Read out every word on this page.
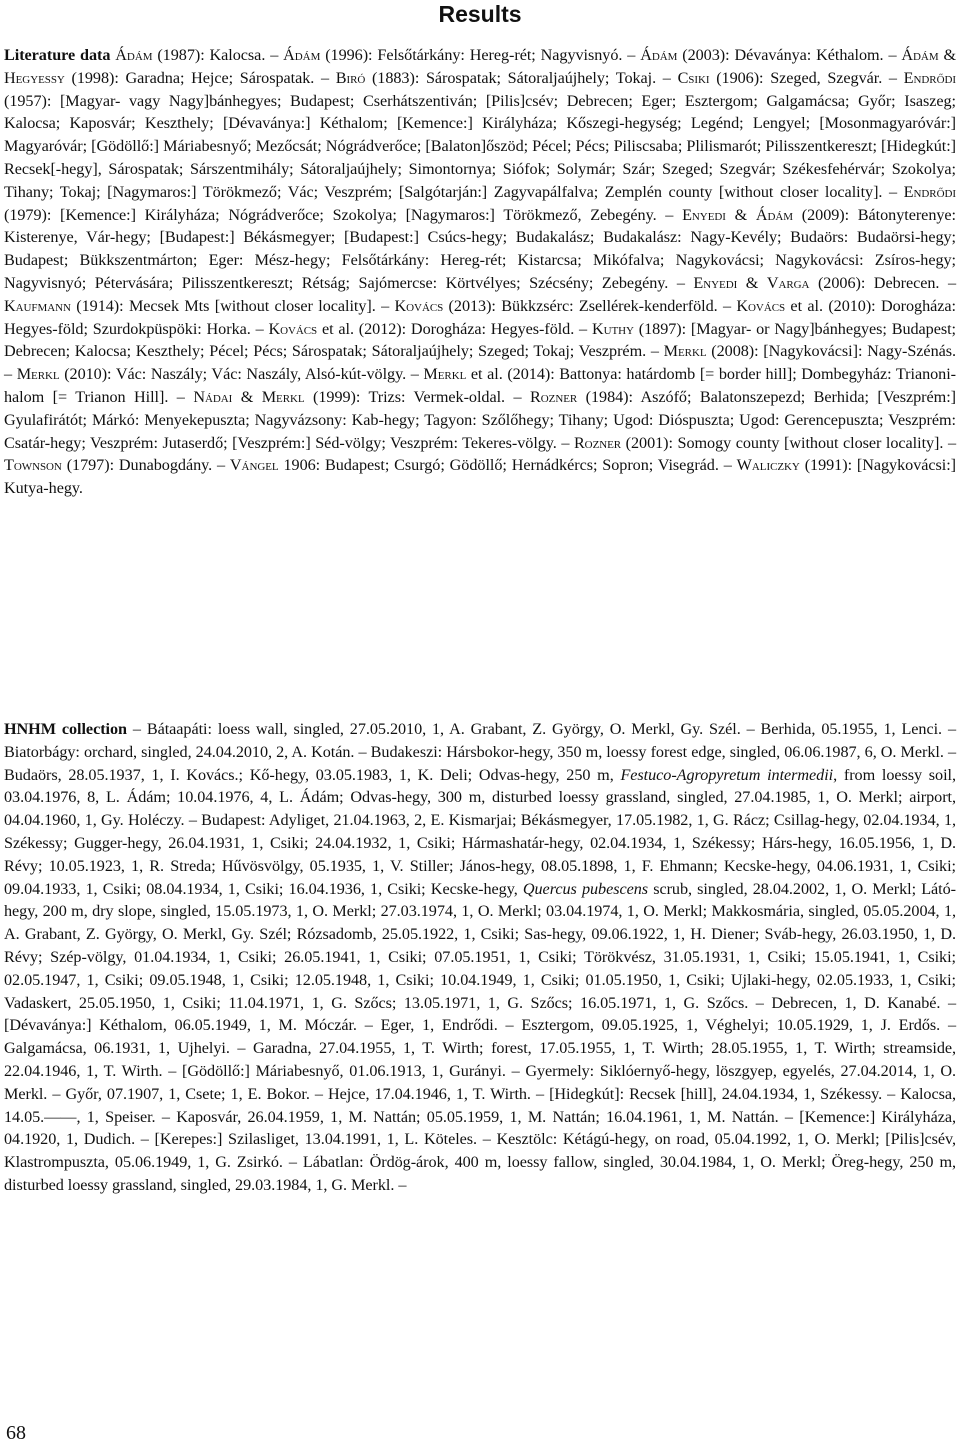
Results

Literature data Ádám (1987): Kalocsa. – Ádám (1996): Felsőtárkány: Hereg-rét; Nagyvisnyó. – Ádám (2003): Dévaványa: Kéthalom. – Ádám & Hegyessy (1998): Garadna; Hejce; Sárospatak. – Biró (1883): Sárospatak; Sátoraljaújhely; Tokaj. – Csiki (1906): Szeged, Szegvár. – Endrődi (1957): [Magyar- vagy Nagy]bánhegyes; Budapest; Cserhátszentiván; [Pilis]csév; Debrecen; Eger; Esztergom; Galgamácsa; Győr; Isaszeg; Kalocsa; Kaposvár; Keszthely; [Dévaványa:] Kéthalom; [Kemence:] Királyháza; Kőszegi-hegység; Legénd; Lengyel; [Mosonmagyaróvár:] Magyaróvár; [Gödöllő:] Máriabesnyő; Mezőcsát; Nógrádverőce; [Balaton]őszöd; Pécel; Pécs; Piliscsaba; Plilismarót; Pilisszentkereszt; [Hidegkút:] Recsek[-hegy], Sárospatak; Sárszentmihály; Sátoraljaújhely; Simontornya; Siófok; Solymár; Szár; Szeged; Szegvár; Székesfehérvár; Szokolya; Tihany; Tokaj; [Nagymaros:] Törökmező; Vác; Veszprém; [Salgótarján:] Zagyvapálfalva; Zemplén county [without closer locality]. – Endrődi (1979): [Kemence:] Királyháza; Nógrádverőce; Szokolya; [Nagymaros:] Törökmező, Zebegény. – Enyedi & Ádám (2009): Bátonyterenye: Kisterenye, Vár-hegy; [Budapest:] Békásmegyer; [Budapest:] Csúcs-hegy; Budakalász; Budakalász: Nagy-Kevély; Budaörs: Budaörsi-hegy; Budapest; Bükkszentmárton; Eger: Mész-hegy; Felsőtárkány: Hereg-rét; Kistarcsa; Mikófalva; Nagykovácsi; Nagykovácsi: Zsíros-hegy; Nagyvisnyó; Pétervására; Pilisszentkereszt; Rétság; Sajómercse: Körtvélyes; Szécsény; Zebegény. – Enyedi & Varga (2006): Debrecen. – Kaufmann (1914): Mecsek Mts [without closer locality]. – Kovács (2013): Bükkzsérc: Zsellérek-kenderföld. – Kovács et al. (2010): Dorogháza: Hegyes-föld; Szurdokpüspöki: Horka. – Kovács et al. (2012): Dorogháza: Hegyes-föld. – Kuthy (1897): [Magyar- or Nagy]bánhegyes; Budapest; Debrecen; Kalocsa; Keszthely; Pécel; Pécs; Sárospatak; Sátoraljaújhely; Szeged; Tokaj; Veszprém. – Merkl (2008): [Nagykovácsi]: Nagy-Szénás. – Merkl (2010): Vác: Naszály; Vác: Naszály, Alsó-kút-völgy. – Merkl et al. (2014): Battonya: határdomb [= border hill]; Dombegyház: Trianoni-halom [= Trianon Hill]. – Nádai & Merkl (1999): Trizs: Vermek-oldal. – Rozner (1984): Aszófő; Balatonszepezd; Berhida; [Veszprém:] Gyulafirátót; Márkó: Menyekepuszta; Nagyvázsony: Kab-hegy; Tagyon: Szőlőhegy; Tihany; Ugod: Dióspuszta; Ugod: Gerencepuszta; Veszprém: Csatár-hegy; Veszprém: Jutaserdő; [Veszprém:] Séd-völgy; Veszprém: Tekeres-völgy. – Rozner (2001): Somogy county [without closer locality]. – Townson (1797): Dunabogdány. – Vángel 1906: Budapest; Csurgó; Gödöllő; Hernádkércs; Sopron; Visegrád. – Waliczky (1991): [Nagykovácsi:] Kutya-hegy.

HNHM collection – Bátaapáti: loess wall, singled, 27.05.2010, 1, A. Grabant, Z. György, O. Merkl, Gy. Szél. – Berhida, 05.1955, 1, Lenci. – Biatorbágy: orchard, singled, 24.04.2010, 2, A. Kotán. – Budakeszi: Hársbokor-hegy, 350 m, loessy forest edge, singled, 06.06.1987, 6, O. Merkl. – Budaörs, 28.05.1937, 1, I. Kovács.; Kő-hegy, 03.05.1983, 1, K. Deli; Odvas-hegy, 250 m, Festuco-Agropyretum intermedii, from loessy soil, 03.04.1976, 8, L. Ádám; 10.04.1976, 4, L. Ádám; Odvas-hegy, 300 m, disturbed loessy grassland, singled, 27.04.1985, 1, O. Merkl; airport, 04.04.1960, 1, Gy. Holéczy. – Budapest: Adyliget, 21.04.1963, 2, E. Kismarjai; Békásmegyer, 17.05.1982, 1, G. Rácz; Csillag-hegy, 02.04.1934, 1, Székessy; Gugger-hegy, 26.04.1931, 1, Csiki; 24.04.1932, 1, Csiki; Hármashatár-hegy, 02.04.1934, 1, Székessy; Hárs-hegy, 16.05.1956, 1, D. Révy; 10.05.1923, 1, R. Streda; Hűvösvölgy, 05.1935, 1, V. Stiller; János-hegy, 08.05.1898, 1, F. Ehmann; Kecske-hegy, 04.06.1931, 1, Csiki; 09.04.1933, 1, Csiki; 08.04.1934, 1, Csiki; 16.04.1936, 1, Csiki; Kecske-hegy, Quercus pubescens scrub, singled, 28.04.2002, 1, O. Merkl; Látó-hegy, 200 m, dry slope, singled, 15.05.1973, 1, O. Merkl; 27.03.1974, 1, O. Merkl; 03.04.1974, 1, O. Merkl; Makkosmária, singled, 05.05.2004, 1, A. Grabant, Z. György, O. Merkl, Gy. Szél; Rózsadomb, 25.05.1922, 1, Csiki; Sas-hegy, 09.06.1922, 1, H. Diener; Sváb-hegy, 26.03.1950, 1, D. Révy; Szép-völgy, 01.04.1934, 1, Csiki; 26.05.1941, 1, Csiki; 07.05.1951, 1, Csiki; Törökvész, 31.05.1931, 1, Csiki; 15.05.1941, 1, Csiki; 02.05.1947, 1, Csiki; 09.05.1948, 1, Csiki; 12.05.1948, 1, Csiki; 10.04.1949, 1, Csiki; 01.05.1950, 1, Csiki; Ujlaki-hegy, 02.05.1933, 1, Csiki; Vadaskert, 25.05.1950, 1, Csiki; 11.04.1971, 1, G. Szőcs; 13.05.1971, 1, G. Szőcs; 16.05.1971, 1, G. Szőcs. – Debrecen, 1, D. Kanabé. – [Dévaványa:] Kéthalom, 06.05.1949, 1, M. Móczár. – Eger, 1, Endrődi. – Esztergom, 09.05.1925, 1, Véghelyi; 10.05.1929, 1, J. Erdős. – Galgamácsa, 06.1931, 1, Ujhelyi. – Garadna, 27.04.1955, 1, T. Wirth; forest, 17.05.1955, 1, T. Wirth; 28.05.1955, 1, T. Wirth; streamside, 22.04.1946, 1, T. Wirth. – [Gödöllő:] Máriabesnyő, 01.06.1913, 1, Gurányi. – Gyermely: Siklóernyő-hegy, löszgyep, egyelés, 27.04.2014, 1, O. Merkl. – Győr, 07.1907, 1, Csete; 1, E. Bokor. – Hejce, 17.04.1946, 1, T. Wirth. – [Hidegkút]: Recsek [hill], 24.04.1934, 1, Székessy. – Kalocsa, 14.05.——, 1, Speiser. – Kaposvár, 26.04.1959, 1, M. Nattán; 05.05.1959, 1, M. Nattán; 16.04.1961, 1, M. Nattán. – [Kemence:] Királyháza, 04.1920, 1, Dudich. – [Kerepes:] Szilasliget, 13.04.1991, 1, L. Köteles. – Kesztölc: Kétágú-hegy, on road, 05.04.1992, 1, O. Merkl; [Pilis]csév, Klastrompuszta, 05.06.1949, 1, G. Zsirkó. – Lábatlan: Ördög-árok, 400 m, loessy fallow, singled, 30.04.1984, 1, O. Merkl; Öreg-hegy, 250 m, disturbed loessy grassland, singled, 29.03.1984, 1, G. Merkl. –

68
